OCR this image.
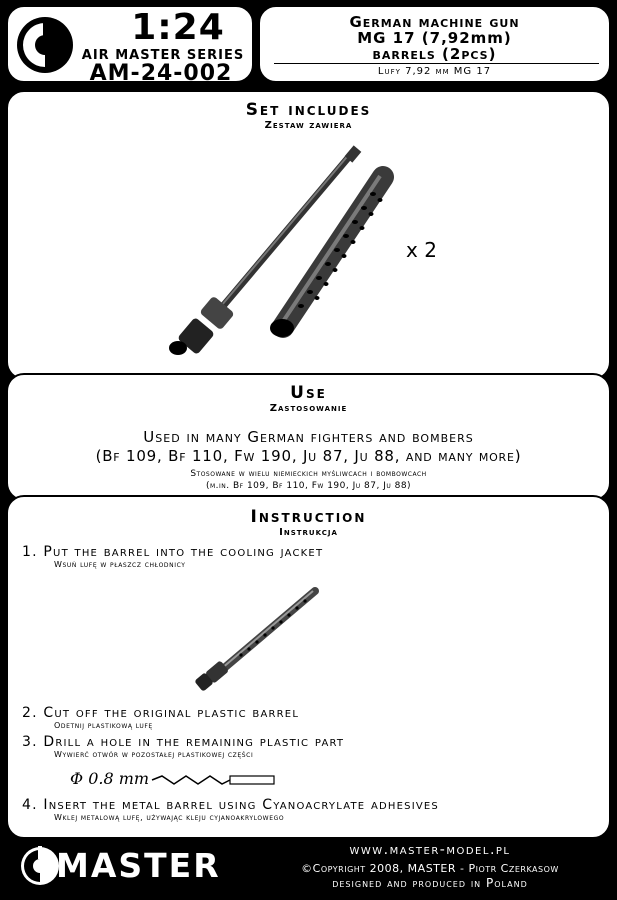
1:24
AIR MASTER SERIES
AM-24-002
German machine gun
MG 17 (7,92mm)
barrels (2pcs)
Lufy 7,92 mm MG 17
Set includes
Zestaw zawiera
x 2
Use
Zastosowanie
Used in many German fighters and bombers
(Bf 109, Bf 110, Fw 190, Ju 87, Ju 88, and many more)
Stosowane w wielu niemieckich myśliwcach i bombowcach
(m.in. Bf 109, Bf 110, Fw 190, Ju 87, Ju 88)
Instruction
Instrukcja
1. Put the barrel into the cooling jacket
Wsuń lufę w płaszcz chłodnicy
2. Cut off the original plastic barrel
Odetnij plastikową lufę
3. Drill a hole in the remaining plastic part
Wywierć otwór w pozostałej plastikowej części
Φ 0.8 mm
4. Insert the metal barrel using Cyanoacrylate adhesives
Wklej metalową lufę, używając kleju cyjanoakrylowego
MASTER	www.master-model.pl
©Copyright 2008, MASTER - Piotr Czerkasow
designed and produced in Poland
